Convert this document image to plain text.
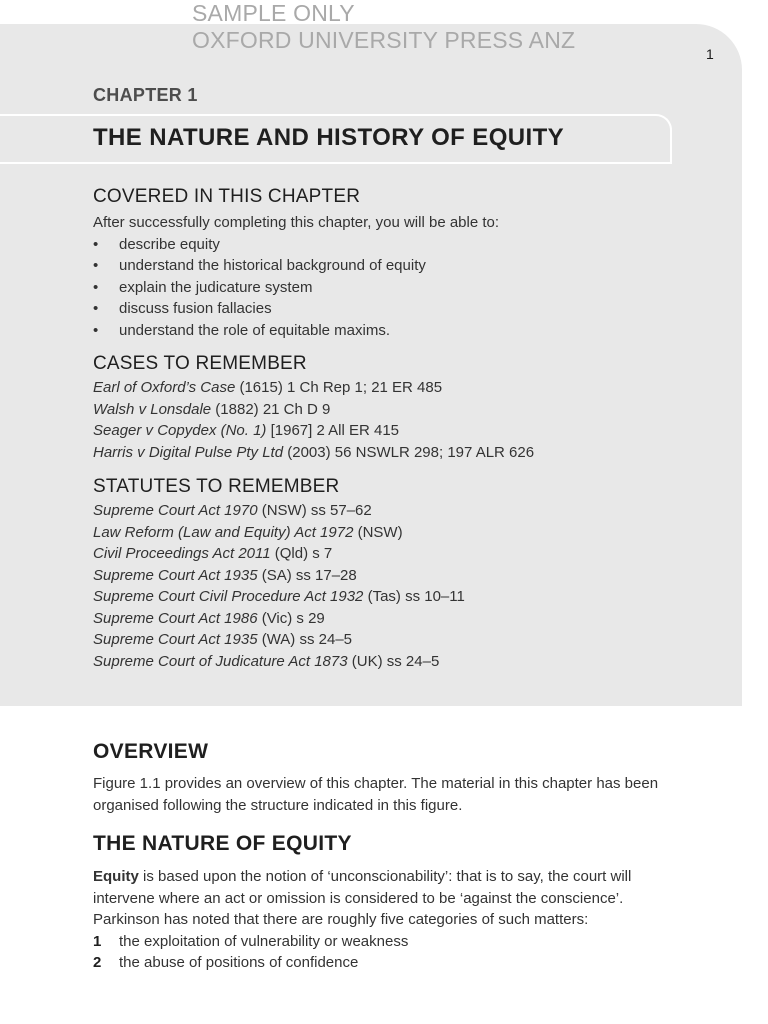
SAMPLE ONLY
OXFORD UNIVERSITY PRESS ANZ
1
CHAPTER 1
THE NATURE AND HISTORY OF EQUITY
COVERED IN THIS CHAPTER
After successfully completing this chapter, you will be able to:
• describe equity
• understand the historical background of equity
• explain the judicature system
• discuss fusion fallacies
• understand the role of equitable maxims.
CASES TO REMEMBER
Earl of Oxford’s Case (1615) 1 Ch Rep 1; 21 ER 485
Walsh v Lonsdale (1882) 21 Ch D 9
Seager v Copydex (No. 1) [1967] 2 All ER 415
Harris v Digital Pulse Pty Ltd (2003) 56 NSWLR 298; 197 ALR 626
STATUTES TO REMEMBER
Supreme Court Act 1970 (NSW) ss 57–62
Law Reform (Law and Equity) Act 1972 (NSW)
Civil Proceedings Act 2011 (Qld) s 7
Supreme Court Act 1935 (SA) ss 17–28
Supreme Court Civil Procedure Act 1932 (Tas) ss 10–11
Supreme Court Act 1986 (Vic) s 29
Supreme Court Act 1935 (WA) ss 24–5
Supreme Court of Judicature Act 1873 (UK) ss 24–5
OVERVIEW
Figure 1.1 provides an overview of this chapter. The material in this chapter has been organised following the structure indicated in this figure.
THE NATURE OF EQUITY
Equity is based upon the notion of ‘unconscionability’: that is to say, the court will intervene where an act or omission is considered to be ‘against the conscience’. Parkinson has noted that there are roughly five categories of such matters:
1 the exploitation of vulnerability or weakness
2 the abuse of positions of confidence
